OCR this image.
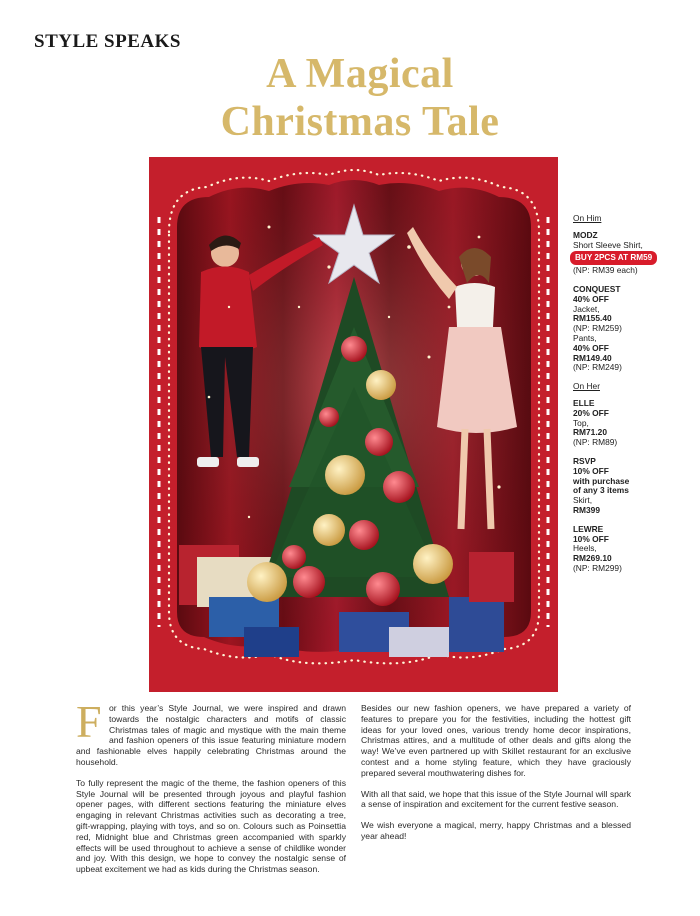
STYLE SPEAKS
A Magical
Christmas Tale
On Him
MODZ
Short Sleeve Shirt,
BUY 2PCS AT RM59
(NP: RM39 each)
CONQUEST
40% OFF
Jacket,
RM155.40
(NP: RM259)
Pants,
40% OFF
RM149.40
(NP: RM249)
On Her
ELLE
20% OFF
Top,
RM71.20
(NP: RM89)
RSVP
10% OFF
with purchase
of any 3 items
Skirt,
RM399
LEWRE
10% OFF
Heels,
RM269.10
(NP: RM299)

For this year’s Style Journal, we were inspired and drawn towards the nostalgic characters and motifs of classic Christmas tales of magic and mystique with the main theme and fashion openers of this issue featuring miniature modern and fashionable elves happily celebrating Christmas around the household.

To fully represent the magic of the theme, the fashion openers of this Style Journal will be presented through joyous and playful fashion opener pages, with different sections featuring the miniature elves engaging in relevant Christmas activities such as decorating a tree, gift-wrapping, playing with toys, and so on. Colours such as Poinsettia red, Midnight blue and Christmas green accompanied with sparkly effects will be used throughout to achieve a sense of childlike wonder and joy. With this design, we hope to convey the nostalgic sense of upbeat excitement we had as kids during the Christmas season.

Besides our new fashion openers, we have prepared a variety of features to prepare you for the festivities, including the hottest gift ideas for your loved ones, various trendy home decor inspirations, Christmas attires, and a multitude of other deals and gifts along the way! We’ve even partnered up with Skillet restaurant for an exclusive contest and a home styling feature, which they have graciously prepared several mouthwatering dishes for.

With all that said, we hope that this issue of the Style Journal will spark a sense of inspiration and excitement for the current festive season.

We wish everyone a magical, merry, happy Christmas and a blessed year ahead!
